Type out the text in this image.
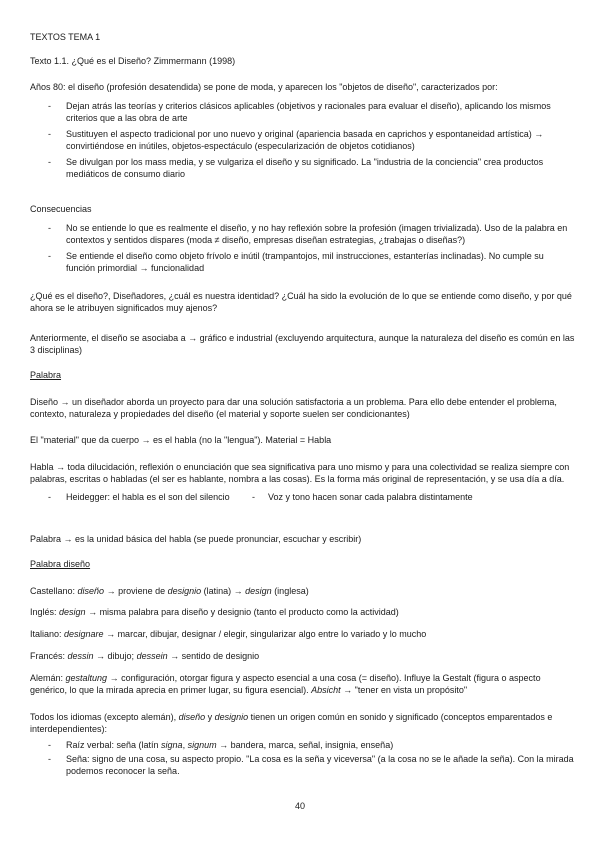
TEXTOS TEMA 1

Texto 1.1. ¿Qué es el Diseño? Zimmermann (1998)

Años 80: el diseño (profesión desatendida) se pone de moda, y aparecen los "objetos de diseño", caracterizados por:

- Dejan atrás las teorías y criterios clásicos aplicables (objetivos y racionales para evaluar el diseño), aplicando los mismos criterios que a las obra de arte
- Sustituyen el aspecto tradicional por uno nuevo y original (apariencia basada en caprichos y espontaneidad artística) → convirtiéndose en inútiles, objetos-espectáculo (especularización de objetos cotidianos)
- Se divulgan por los mass media, y se vulgariza el diseño y su significado. La "industria de la conciencia" crea productos mediáticos de consumo diario

Consecuencias

- No se entiende lo que es realmente el diseño, y no hay reflexión sobre la profesión (imagen trivializada). Uso de la palabra en contextos y sentidos dispares (moda ≠ diseño, empresas diseñan estrategias, ¿trabajas o diseñas?)
- Se entiende el diseño como objeto frívolo e inútil (trampantojos, mil instrucciones, estanterías inclinadas). No cumple su función primordial → funcionalidad

¿Qué es el diseño?, Diseñadores, ¿cuál es nuestra identidad? ¿Cuál ha sido la evolución de lo que se entiende como diseño, y por qué ahora se le atribuyen significados muy ajenos?

Anteriormente, el diseño se asociaba a → gráfico e industrial (excluyendo arquitectura, aunque la naturaleza del diseño es común en las 3 disciplinas)

Palabra

Diseño → un diseñador aborda un proyecto para dar una solución satisfactoria a un problema. Para ello debe entender el problema, contexto, naturaleza y propiedades del diseño (el material y soporte suelen ser condicionantes)

El "material" que da cuerpo → es el habla (no la "lengua"). Material = Habla

Habla → toda dilucidación, reflexión o enunciación que sea significativa para uno mismo y para una colectividad se realiza siempre con palabras, escritas o habladas (el ser es hablante, nombra a las cosas). Es la forma más original de representación, y se usa día a día.

- Heidegger: el habla es el son del silencio - Voz y tono hacen sonar cada palabra distintamente

Palabra → es la unidad básica del habla (se puede pronunciar, escuchar y escribir)

Palabra diseño

Castellano: diseño → proviene de designio (latina) → design (inglesa)

Inglés: design → misma palabra para diseño y designio (tanto el producto como la actividad)

Italiano: designare → marcar, dibujar, designar / elegir, singularizar algo entre lo variado y lo mucho

Francés: dessin → dibujo; dessein → sentido de designio

Alemán: gestaltung → configuración, otorgar figura y aspecto esencial a una cosa (= diseño). Influye la Gestalt (figura o aspecto genérico, lo que la mirada aprecia en primer lugar, su figura esencial). Absicht → "tener en vista un propósito"

Todos los idiomas (excepto alemán), diseño y designio tienen un origen común en sonido y significado (conceptos emparentados e interdependientes):

- Raíz verbal: seña (latín signa, signum → bandera, marca, señal, insignia, enseña)
- Seña: signo de una cosa, su aspecto propio. "La cosa es la seña y viceversa" (a la cosa no se le añade la seña). Con la mirada podemos reconocer la seña.
40
